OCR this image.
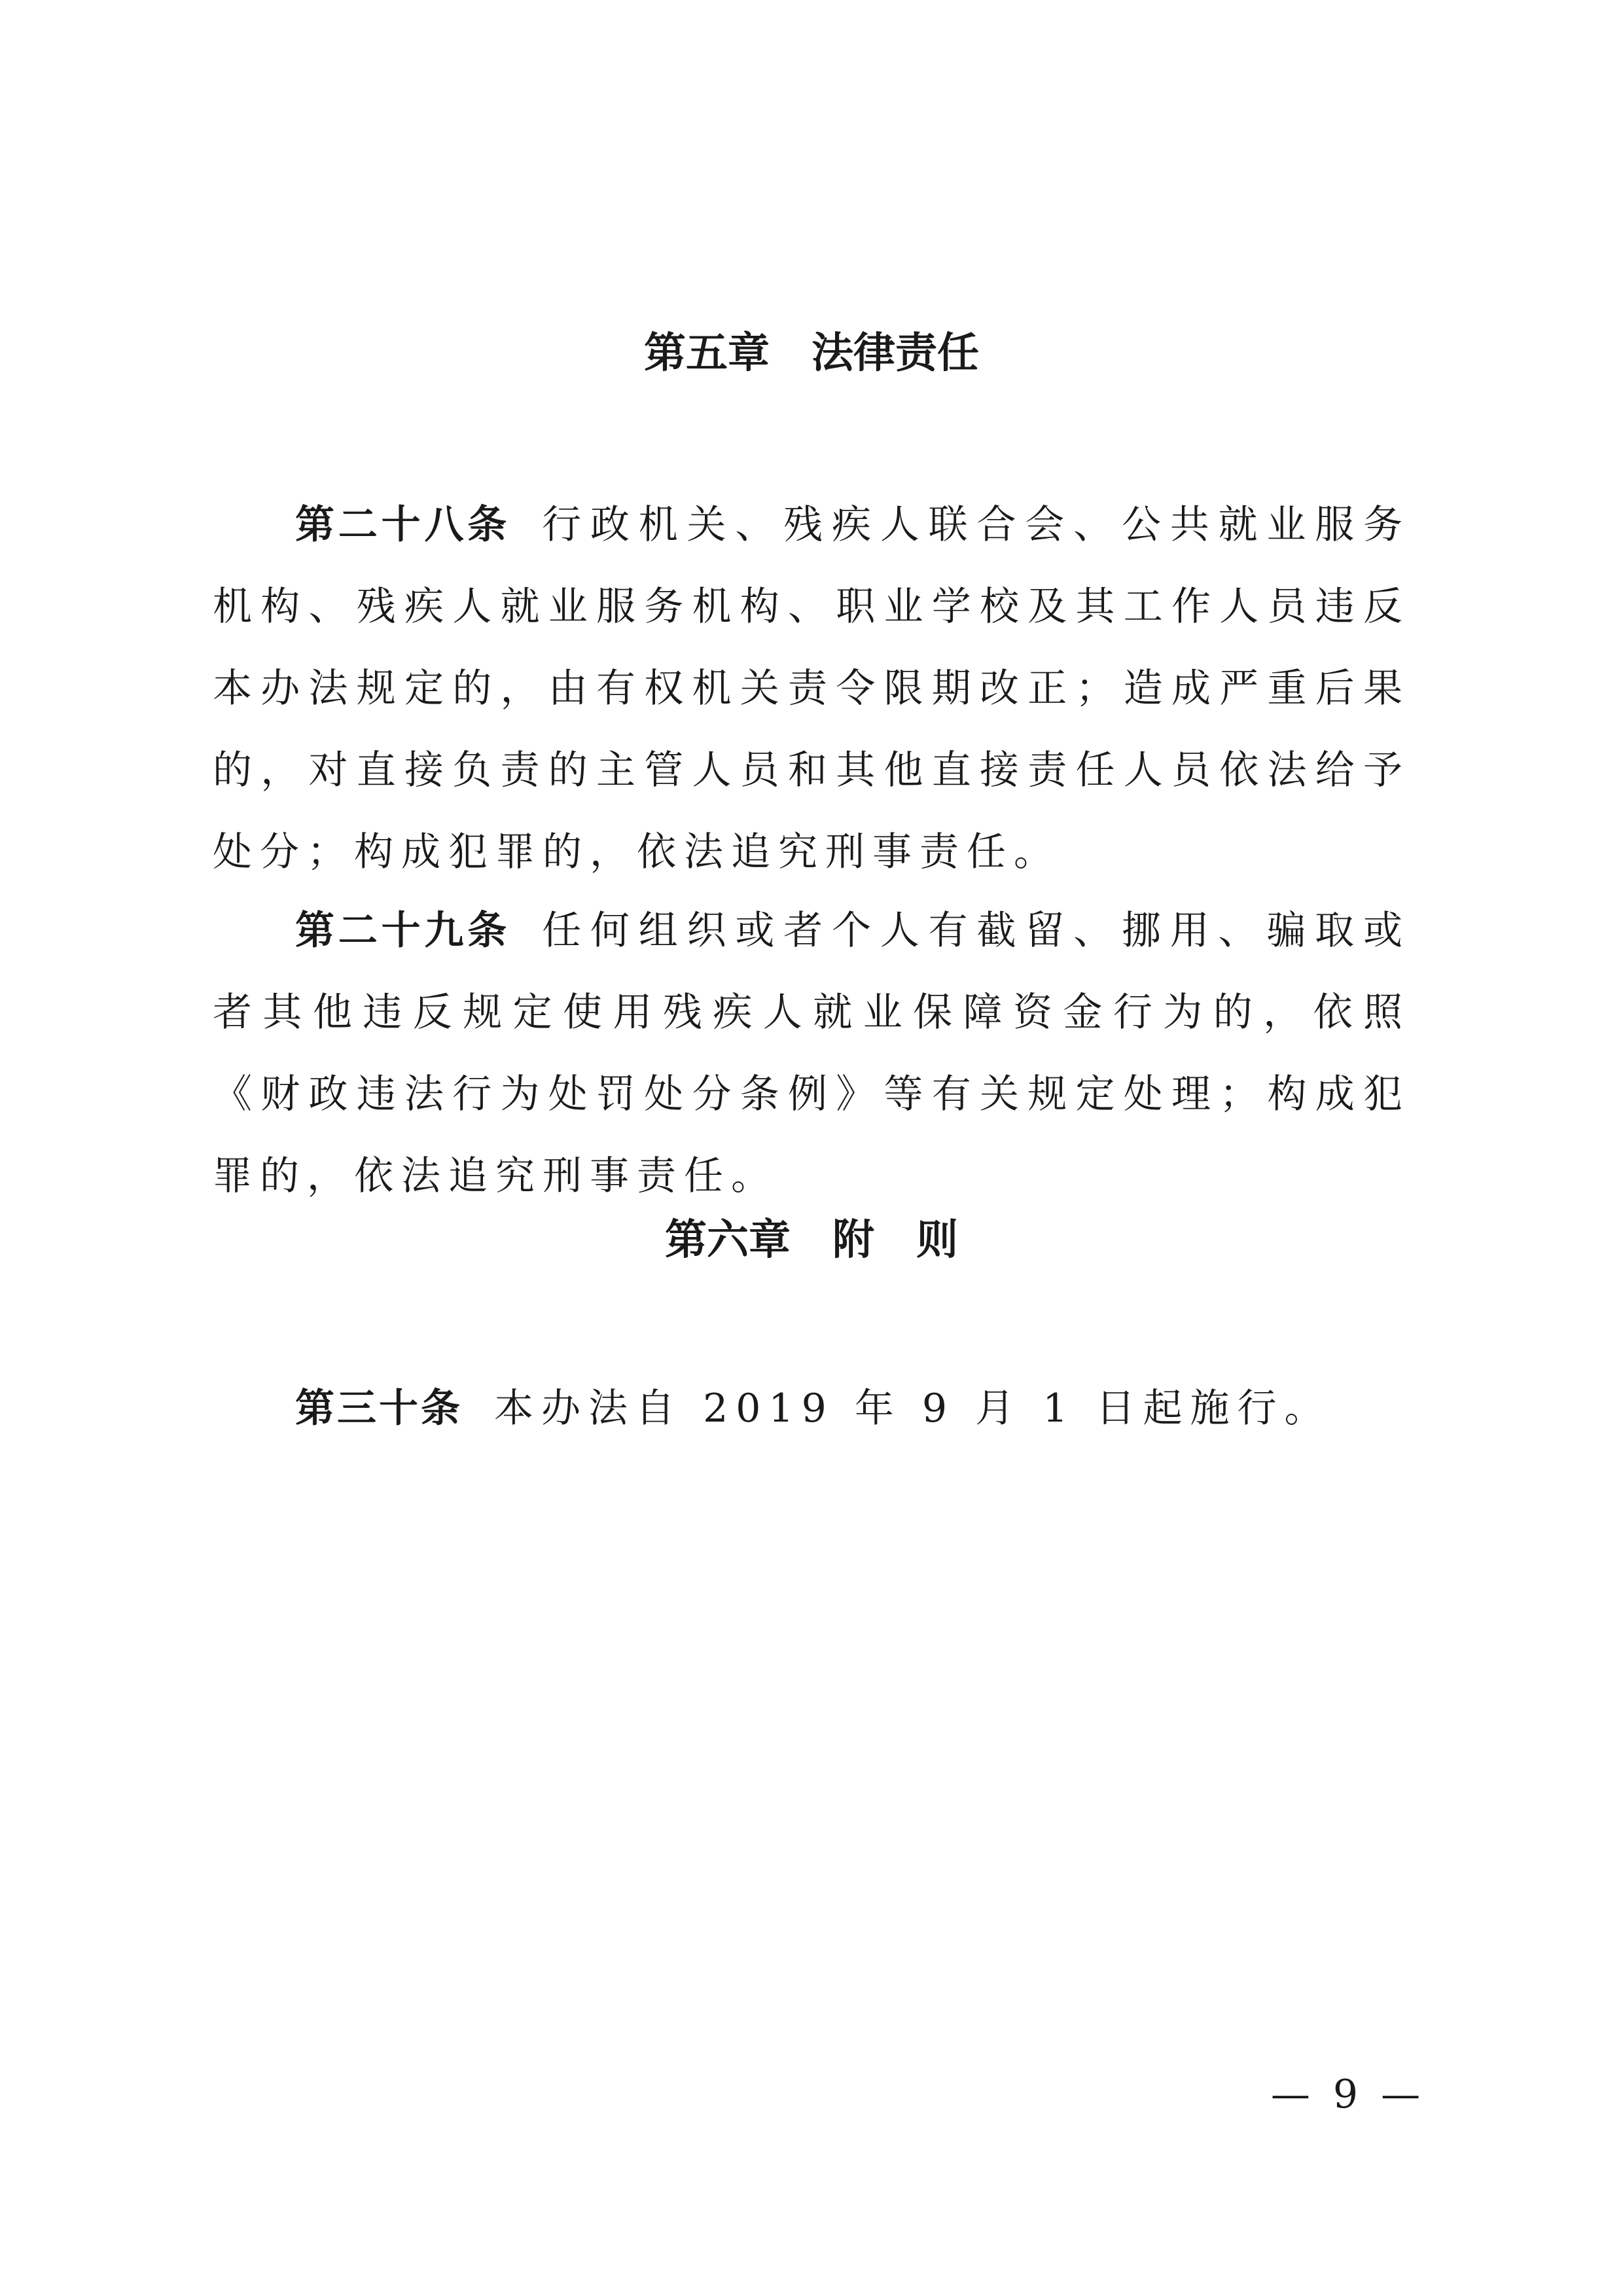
第五章 法律责任

第二十八条 行政机关、残疾人联合会、公共就业服务机构、残疾人就业服务机构、职业学校及其工作人员违反本办法规定的，由有权机关责令限期改正；造成严重后果的，对直接负责的主管人员和其他直接责任人员依法给予处分；构成犯罪的，依法追究刑事责任。

第二十九条 任何组织或者个人有截留、挪用、骗取或者其他违反规定使用残疾人就业保障资金行为的，依照《财政违法行为处罚处分条例》等有关规定处理；构成犯罪的，依法追究刑事责任。

第六章 附　则

第三十条 本办法自 2019 年 9 月 1 日起施行。

— 9 —
